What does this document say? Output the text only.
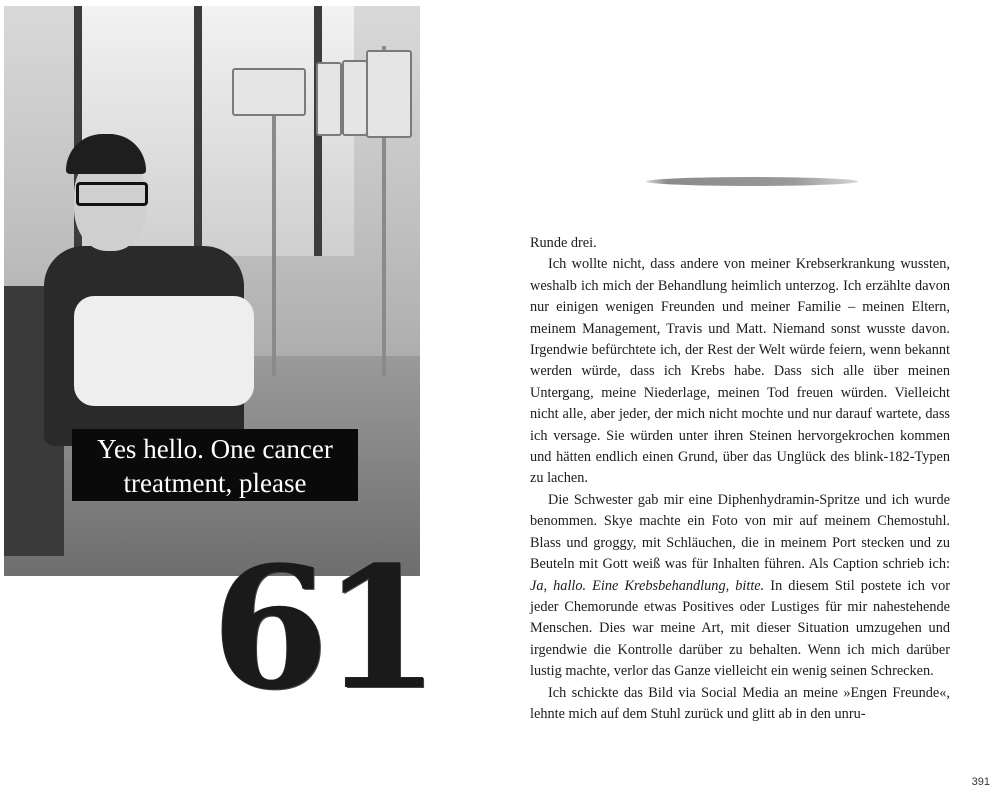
Yes hello. One cancer
treatment, please
61

Runde drei.

Ich wollte nicht, dass andere von meiner Krebserkrankung wussten, weshalb ich mich der Behandlung heimlich unterzog. Ich erzählte davon nur einigen wenigen Freunden und meiner Familie – meinen Eltern, meinem Management, Travis und Matt. Niemand sonst wusste davon. Irgendwie befürchtete ich, der Rest der Welt würde feiern, wenn bekannt werden würde, dass ich Krebs habe. Dass sich alle über meinen Untergang, meine Niederlage, meinen Tod freuen würden. Vielleicht nicht alle, aber jeder, der mich nicht mochte und nur darauf wartete, dass ich versage. Sie würden unter ihren Steinen hervorgekrochen kommen und hätten endlich einen Grund, über das Unglück des blink-182-Typen zu lachen.

Die Schwester gab mir eine Diphenhydramin-Spritze und ich wurde benommen. Skye machte ein Foto von mir auf meinem Chemostuhl. Blass und groggy, mit Schläuchen, die in meinem Port stecken und zu Beuteln mit Gott weiß was für Inhalten führen. Als Caption schrieb ich: Ja, hallo. Eine Krebsbehandlung, bitte. In diesem Stil postete ich vor jeder Chemorunde etwas Positives oder Lustiges für mir nahestehende Menschen. Dies war meine Art, mit dieser Situation umzugehen und irgendwie die Kontrolle darüber zu behalten. Wenn ich mich darüber lustig machte, verlor das Ganze vielleicht ein wenig seinen Schrecken.

Ich schickte das Bild via Social Media an meine »Engen Freunde«, lehnte mich auf dem Stuhl zurück und glitt ab in den unru-

391
